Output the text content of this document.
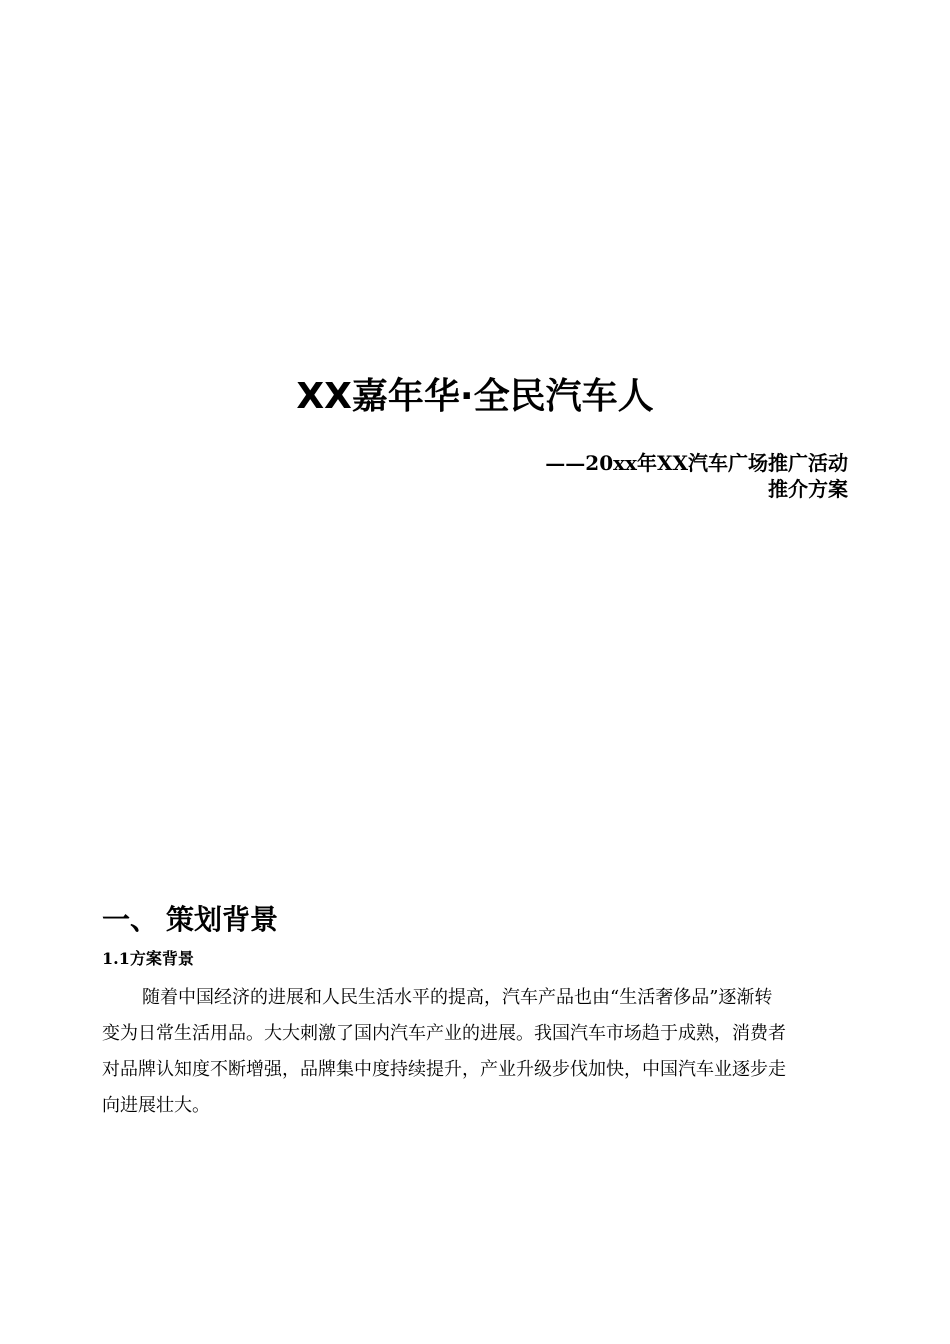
XX嘉年华·全民汽车人
——20xx年XX汽车广场推广活动
推介方案
一、 策划背景
1.1方案背景
随着中国经济的进展和人民生活水平的提高，汽车产品也由“生活奢侈品”逐渐转
变为日常生活用品。大大刺激了国内汽车产业的进展。我国汽车市场趋于成熟，消费者
对品牌认知度不断增强，品牌集中度持续提升，产业升级步伐加快，中国汽车业逐步走
向进展壮大。
